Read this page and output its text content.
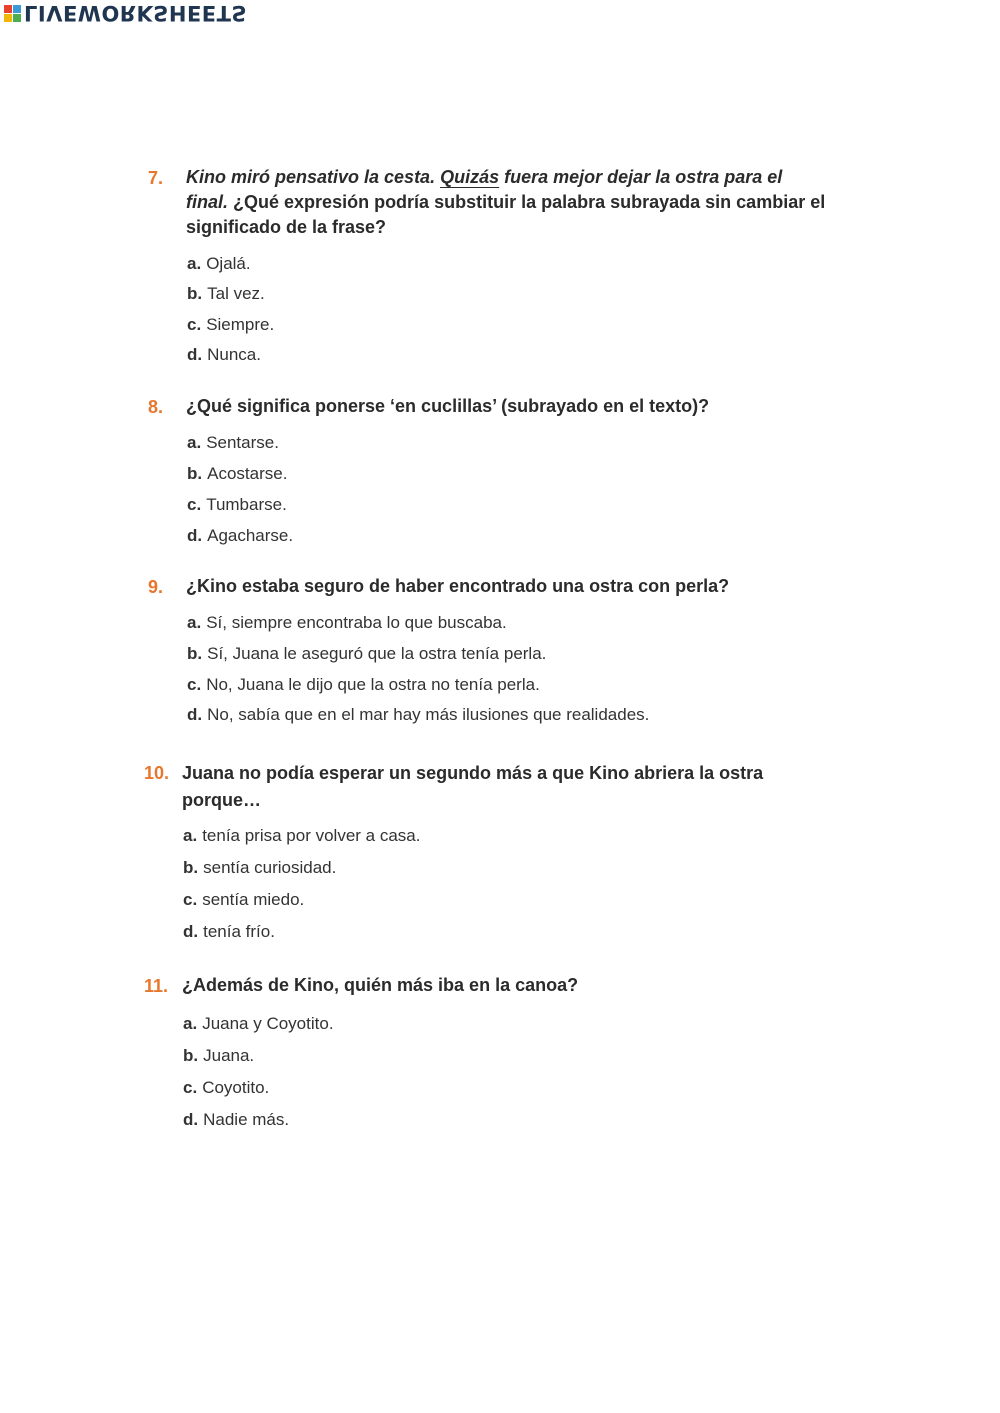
LIVEWORKSHEETS
7. Kino miró pensativo la cesta. Quizás fuera mejor dejar la ostra para el final. ¿Qué expresión podría substituir la palabra subrayada sin cambiar el significado de la frase?
a. Ojalá.
b. Tal vez.
c. Siempre.
d. Nunca.
8. ¿Qué significa ponerse ‘en cuclillas’ (subrayado en el texto)?
a. Sentarse.
b. Acostarse.
c. Tumbarse.
d. Agacharse.
9. ¿Kino estaba seguro de haber encontrado una ostra con perla?
a. Sí, siempre encontraba lo que buscaba.
b. Sí, Juana le aseguró que la ostra tenía perla.
c. No, Juana le dijo que la ostra no tenía perla.
d. No, sabía que en el mar hay más ilusiones que realidades.
10. Juana no podía esperar un segundo más a que Kino abriera la ostra porque…
a. tenía prisa por volver a casa.
b. sentía curiosidad.
c. sentía miedo.
d. tenía frío.
11. ¿Además de Kino, quién más iba en la canoa?
a. Juana y Coyotito.
b. Juana.
c. Coyotito.
d. Nadie más.
